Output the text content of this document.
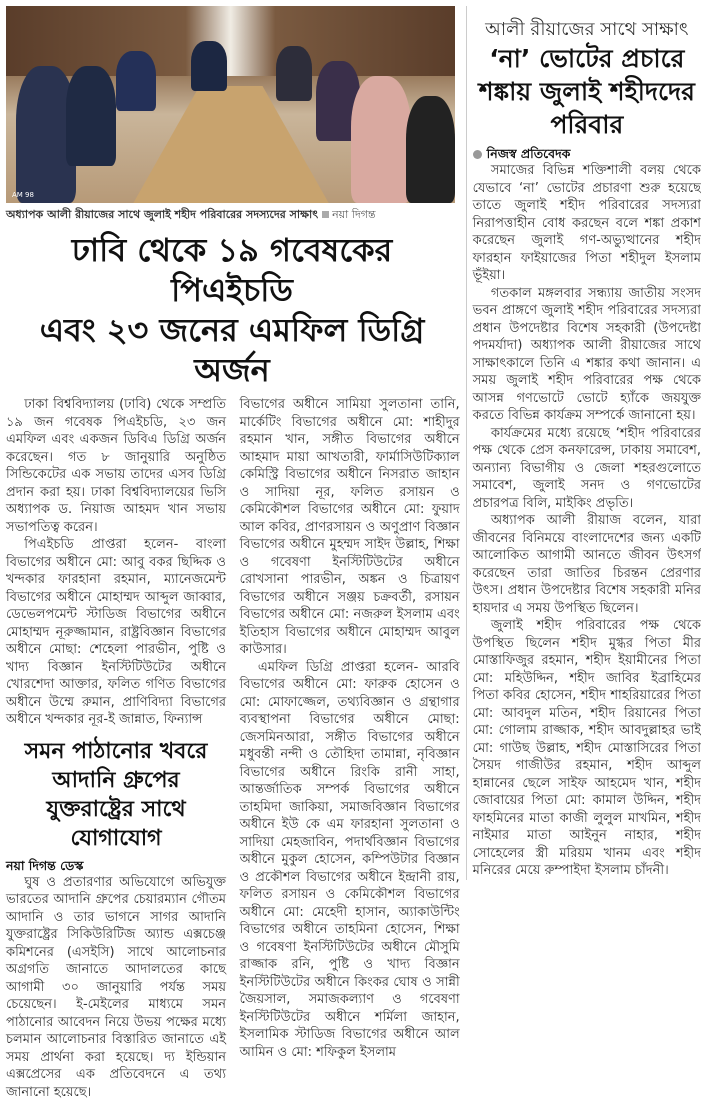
AM 98
অধ্যাপক আলী রীয়াজের সাথে জুলাই শহীদ পরিবারের সদস্যদের সাক্ষাৎ নয়া দিগন্ত
ঢাবি থেকে ১৯ গবেষকের পিএইচডি
এবং ২৩ জনের এমফিল ডিগ্রি অর্জন

ঢাকা বিশ্ববিদ্যালয় (ঢাবি) থেকে সম্প্রতি ১৯ জন গবেষক পিএইচডি, ২৩ জন এমফিল এবং একজন ডিবিএ ডিগ্রি অর্জন করেছেন। গত ৮ জানুয়ারি অনুষ্ঠিত সিন্ডিকেটের এক সভায় তাদের এসব ডিগ্রি প্রদান করা হয়। ঢাকা বিশ্ববিদ্যালয়ের ভিসি অধ্যাপক ড. নিয়াজ আহমদ খান সভায় সভাপতিত্ব করেন।

পিএইচডি প্রাপ্তরা হলেন- বাংলা বিভাগের অধীনে মো: আবু বকর ছিদ্দিক ও খন্দকার ফারহানা রহমান, ম্যানেজমেন্ট বিভাগের অধীনে মোহাম্মদ আব্দুল জাব্বার, ডেভেলপমেন্ট স্টাডিজ বিভাগের অধীনে মোহাম্মদ নূরুজ্জামান, রাষ্ট্রবিজ্ঞান বিভাগের অধীনে মোছা: শেহেলা পারভীন, পুষ্টি ও খাদ্য বিজ্ঞান ইনস্টিটিউটের অধীনে খোরশেদা আক্তার, ফলিত গণিত বিভাগের অধীনে উম্মে রুমান, প্রাণিবিদ্যা বিভাগের অধীনে খন্দকার নূর-ই জান্নাত, ফিন্যান্স

সমন পাঠানোর খবরে আদানি গ্রুপের যুক্তরাষ্ট্রের সাথে যোগাযোগ
নয়া দিগন্ত ডেস্ক

ঘুষ ও প্রতারণার অভিযোগে অভিযুক্ত ভারতের আদানি গ্রুপের চেয়ারম্যান গৌতম আদানি ও তার ভাগনে সাগর আদানি যুক্তরাষ্ট্রের সিকিউরিটিজ অ্যান্ড এক্সচেঞ্জ কমিশনের (এসইসি) সাথে আলোচনার অগ্রগতি জানাতে আদালতের কাছে আগামী ৩০ জানুয়ারি পর্যন্ত সময় চেয়েছেন। ই-মেইলের মাধ্যমে সমন পাঠানোর আবেদন নিয়ে উভয় পক্ষের মধ্যে চলমান আলোচনার বিস্তারিত জানাতে এই সময় প্রার্থনা করা হয়েছে। দ্য ইন্ডিয়ান এক্সপ্রেসের এক প্রতিবেদনে এ তথ্য জানানো হয়েছে।

বিভাগের অধীনে সামিয়া সুলতানা তানি, মার্কেটিং বিভাগের অধীনে মো: শাহীদুর রহমান খান, সঙ্গীত বিভাগের অধীনে আহমাদ মায়া আখতারী, ফার্মাসিউটিক্যাল কেমিস্ট্রি বিভাগের অধীনে নিসরাত জাহান ও সাদিয়া নূর, ফলিত রসায়ন ও কেমিকৌশল বিভাগের অধীনে মো: ফুয়াদ আল কবির, প্রাণরসায়ন ও অণুপ্রাণ বিজ্ঞান বিভাগের অধীনে মুহম্মদ সাইদ উল্লাহ, শিক্ষা ও গবেষণা ইনস্টিটিউটের অধীনে রোখসানা পারভীন, অঙ্কন ও চিত্রায়ণ বিভাগের অধীনে সঞ্জয় চক্রবর্তী, রসায়ন বিভাগের অধীনে মো: নজরুল ইসলাম এবং ইতিহাস বিভাগের অধীনে মোহাম্মদ আবুল কাউসার।

এমফিল ডিগ্রি প্রাপ্তরা হলেন- আরবি বিভাগের অধীনে মো: ফারুক হোসেন ও মো: মোফাজ্জেল, তথ্যবিজ্ঞান ও গ্রন্থাগার ব্যবস্থাপনা বিভাগের অধীনে মোছা: জেসমিনআরা, সঙ্গীত বিভাগের অধীনে মধুবন্তী নন্দী ও তৌহিদা তামান্না, নৃবিজ্ঞান বিভাগের অধীনে রিংকি রানী সাহা, আন্তর্জাতিক সম্পর্ক বিভাগের অধীনে তাহমিদা জাকিয়া, সমাজবিজ্ঞান বিভাগের অধীনে ইউ কে এম ফারহানা সুলতানা ও সাদিয়া মেহজাবিন, পদার্থবিজ্ঞান বিভাগের অধীনে মুকুল হোসেন, কম্পিউটার বিজ্ঞান ও প্রকৌশল বিভাগের অধীনে ইন্দ্রানী রায়, ফলিত রসায়ন ও কেমিকৌশল বিভাগের অধীনে মো: মেহেদী হাসান, অ্যাকাউন্টিং বিভাগের অধীনে তাহমিনা হোসেন, শিক্ষা ও গবেষণা ইনস্টিটিউটের অধীনে মৌসুমি রাজ্জাক রনি, পুষ্টি ও খাদ্য বিজ্ঞান ইনস্টিটিউটের অধীনে কিংকর ঘোষ ও সান্নী জৈয়সাল, সমাজকল্যাণ ও গবেষণা ইনস্টিটিউটের অধীনে শর্মিলা জাহান, ইসলামিক স্টাডিজ বিভাগের অধীনে আল আমিন ও মো: শফিকুল ইসলাম

আলী রীয়াজের সাথে সাক্ষাৎ
‘না’ ভোটের প্রচারে শঙ্কায় জুলাই শহীদদের পরিবার
নিজস্ব প্রতিবেদক

সমাজের বিভিন্ন শক্তিশালী বলয় থেকে যেভাবে ‘না’ ভোটের প্রচারণা শুরু হয়েছে তাতে জুলাই শহীদ পরিবারের সদস্যরা নিরাপত্তাহীন বোধ করছেন বলে শঙ্কা প্রকাশ করেছেন জুলাই গণ-অভ্যুত্থানের শহীদ ফারহান ফাইয়াজের পিতা শহীদুল ইসলাম ভূঁইয়া।

গতকাল মঙ্গলবার সন্ধ্যায় জাতীয় সংসদ ভবন প্রাঙ্গণে জুলাই শহীদ পরিবারের সদস্যরা প্রধান উপদেষ্টার বিশেষ সহকারী (উপদেষ্টা পদমর্যাদা) অধ্যাপক আলী রীয়াজের সাথে সাক্ষাৎকালে তিনি এ শঙ্কার কথা জানান। এ সময় জুলাই শহীদ পরিবারের পক্ষ থেকে আসন্ন গণভোটে ভোটে হ্যাঁকে জয়যুক্ত করতে বিভিন্ন কার্যক্রম সম্পর্কে জানানো হয়।

কার্যক্রমের মধ্যে রয়েছে ‘শহীদ পরিবারের পক্ষ থেকে প্রেস কনফারেন্স, ঢাকায় সমাবেশ, অন্যান্য বিভাগীয় ও জেলা শহরগুলোতে সমাবেশ, জুলাই সনদ ও গণভোটের প্রচারপত্র বিলি, মাইকিং প্রভৃতি।

অধ্যাপক আলী রীয়াজ বলেন, যারা জীবনের বিনিময়ে বাংলাদেশের জন্য একটি আলোকিত আগামী আনতে জীবন উৎসর্গ করেছেন তারা জাতির চিরন্তন প্রেরণার উৎস। প্রধান উপদেষ্টার বিশেষ সহকারী মনির হায়দার এ সময় উপস্থিত ছিলেন।

জুলাই শহীদ পরিবারের পক্ষ থেকে উপস্থিত ছিলেন শহীদ মুগ্ধর পিতা মীর মোস্তাফিজুর রহমান, শহীদ ইয়ামীনের পিতা মো: মহিউদ্দিন, শহীদ জাবির ইব্রাহিমের পিতা কবির হোসেন, শহীদ শাহরিয়ারের পিতা মো: আবদুল মতিন, শহীদ রিয়ানের পিতা মো: গোলাম রাজ্জাক, শহীদ আবদুল্লাহর ভাই মো: গাউছ উল্লাহ, শহীদ মোস্তাসিরের পিতা সৈয়দ গাজীউর রহমান, শহীদ আব্দুল হান্নানের ছেলে সাইফ আহমেদ খান, শহীদ জোবায়ের পিতা মো: কামাল উদ্দিন, শহীদ ফাহমিনের মাতা কাজী লুলুল মাখমিন, শহীদ নাইমার মাতা আইনুন নাহার, শহীদ সোহেলের স্ত্রী মরিয়ম খানম এবং শহীদ মনিরের মেয়ে রুম্পাইদা ইসলাম চাঁদনী।
